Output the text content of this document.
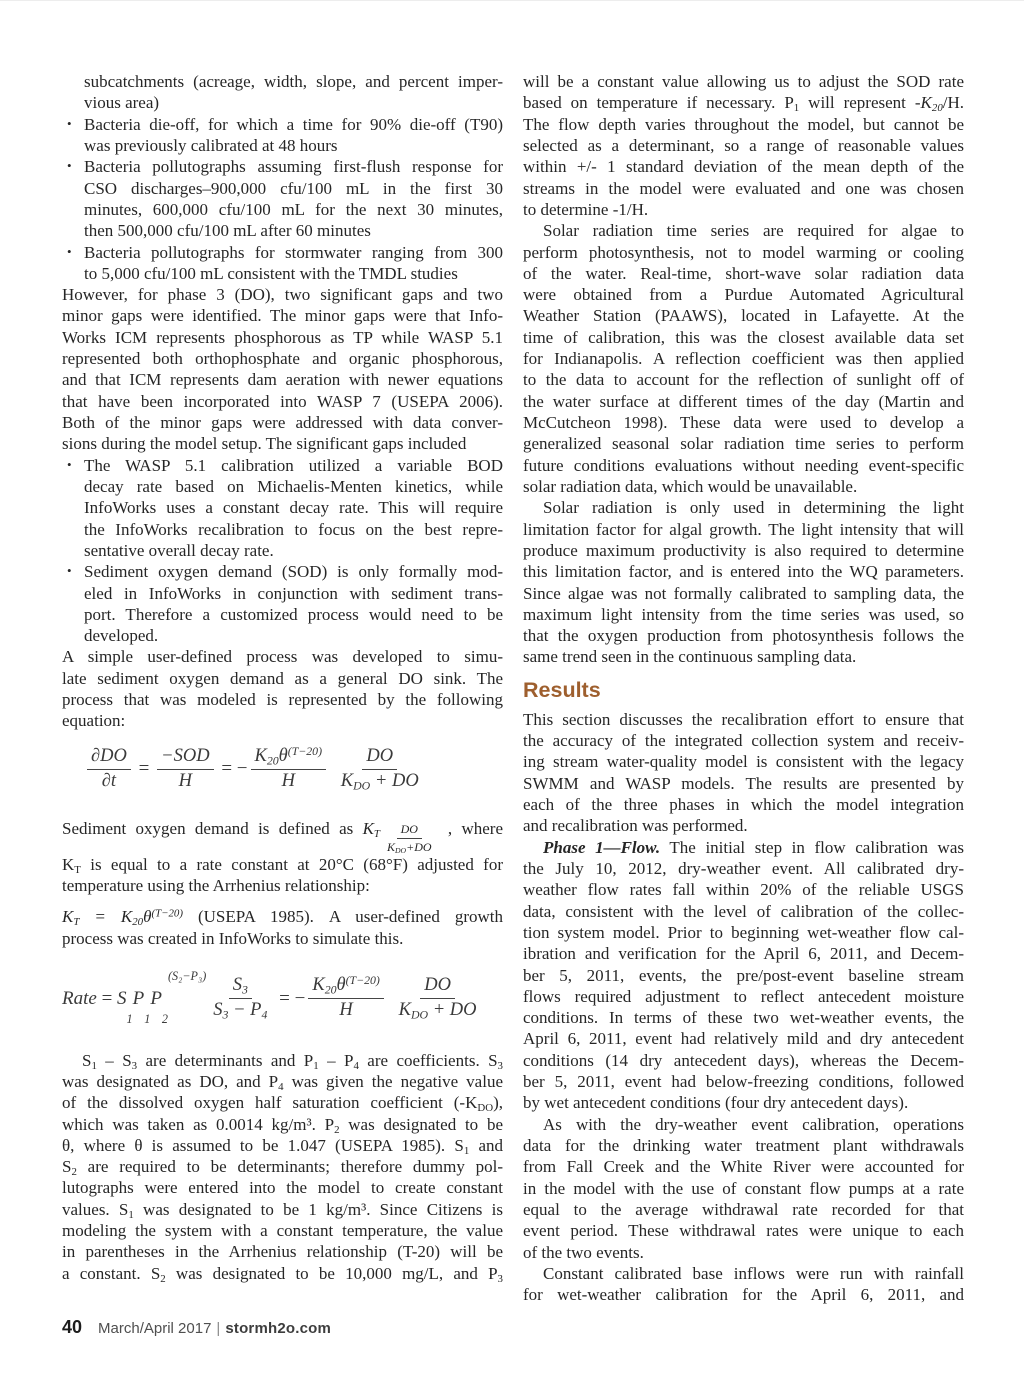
subcatchments (acreage, width, slope, and percent imper-
vious area)
• Bacteria die-off, for which a time for 90% die-off (T90)
was previously calibrated at 48 hours
• Bacteria pollutographs assuming first-flush response for
CSO discharges–900,000 cfu/100 mL in the first 30
minutes, 600,000 cfu/100 mL for the next 30 minutes,
then 500,000 cfu/100 mL after 60 minutes
• Bacteria pollutographs for stormwater ranging from 300
to 5,000 cfu/100 mL consistent with the TMDL studies
However, for phase 3 (DO), two significant gaps and two
minor gaps were identified. The minor gaps were that Info-
Works ICM represents phosphorous as TP while WASP 5.1
represented both orthophosphate and organic phosphorous,
and that ICM represents dam aeration with newer equations
that have been incorporated into WASP 7 (USEPA 2006).
Both of the minor gaps were addressed with data conver-
sions during the model setup. The significant gaps included
• The WASP 5.1 calibration utilized a variable BOD
decay rate based on Michaelis-Menten kinetics, while
InfoWorks uses a constant decay rate. This will require
the InfoWorks recalibration to focus on the best repre-
sentative overall decay rate.
• Sediment oxygen demand (SOD) is only formally mod-
eled in InfoWorks in conjunction with sediment trans-
port. Therefore a customized process would need to be
developed.
A simple user-defined process was developed to simu-
late sediment oxygen demand as a general DO sink. The
process that was modeled is represented by the following
equation:
$\frac{\partial DO}{\partial t} = \frac{\text{−SOD}}{H}$ = − $\frac{K20\theta^{(T-20)}}{H}$
$\frac{DO}{\text{KDO + DO}}$
Sediment oxygen demand is defined as KT $\frac{DO}{\text{KDO+DO}}$ , where
KT is equal to a rate constant at 20°C (68°F) adjusted for
temperature using the Arrhenius relationship:
KT = $K20\theta^{(T-20)}$ (USEPA 1985). A user-defined growth
process was created in InfoWorks to simulate this.
Rate = S
1
P
1
P
2
$(S_2-P_3) \frac{S3}{S3 - P4}$ = − $\frac{K20\theta^{(T-20)}}{H}$
$\frac{DO}{\text{KDO + DO}}$
S1 – S3 are determinants and P1 – P4 are coefficients. S3
was designated as DO, and P4 was given the negative value
of the dissolved oxygen half saturation coefficient (-KDO),
which was taken as 0.0014 kg/m³. P2 was designated to be
θ, where θ is assumed to be 1.047 (USEPA 1985). S1 and
S2 are required to be determinants; therefore dummy pol-
lutographs were entered into the model to create constant
values. S1 was designated to be 1 kg/m³. Since Citizens is
modeling the system with a constant temperature, the value
in parentheses in the Arrhenius relationship (T-20) will be
a constant. S2 was designated to be 10,000 mg/L, and P3
will be a constant value allowing us to adjust the SOD rate
based on temperature if necessary. P1 will represent -K20/H.
The flow depth varies throughout the model, but cannot be
selected as a determinant, so a range of reasonable values
within +/- 1 standard deviation of the mean depth of the
streams in the model were evaluated and one was chosen
to determine -1/H.
Solar radiation time series are required for algae to
perform photosynthesis, not to model warming or cooling
of the water. Real-time, short-wave solar radiation data
were obtained from a Purdue Automated Agricultural
Weather Station (PAAWS), located in Lafayette. At the
time of calibration, this was the closest available data set
for Indianapolis. A reflection coefficient was then applied
to the data to account for the reflection of sunlight off of
the water surface at different times of the day (Martin and
McCutcheon 1998). These data were used to develop a
generalized seasonal solar radiation time series to perform
future conditions evaluations without needing event-specific
solar radiation data, which would be unavailable.
Solar radiation is only used in determining the light
limitation factor for algal growth. The light intensity that will
produce maximum productivity is also required to determine
this limitation factor, and is entered into the WQ parameters.
Since algae was not formally calibrated to sampling data, the
maximum light intensity from the time series was used, so
that the oxygen production from photosynthesis follows the
same trend seen in the continuous sampling data.
Results
This section discusses the recalibration effort to ensure that
the accuracy of the integrated collection system and receiv-
ing stream water-quality model is consistent with the legacy
SWMM and WASP models. The results are presented by
each of the three phases in which the model integration
and recalibration was performed.
Phase 1—Flow. The initial step in flow calibration was
the July 10, 2012, dry-weather event. All calibrated dry-
weather flow rates fall within 20% of the reliable USGS
data, consistent with the level of calibration of the collec-
tion system model. Prior to beginning wet-weather flow cal-
ibration and verification for the April 6, 2011, and Decem-
ber 5, 2011, events, the pre/post-event baseline stream
flows required adjustment to reflect antecedent moisture
conditions. In terms of these two wet-weather events, the
April 6, 2011, event had relatively mild and dry antecedent
conditions (14 dry antecedent days), whereas the Decem-
ber 5, 2011, event had below-freezing conditions, followed
by wet antecedent conditions (four dry antecedent days).
As with the dry-weather event calibration, operations
data for the drinking water treatment plant withdrawals
from Fall Creek and the White River were accounted for
in the model with the use of constant flow pumps at a rate
equal to the average withdrawal rate recorded for that
event period. These withdrawal rates were unique to each
of the two events.
Constant calibrated base inflows were run with rainfall
for wet-weather calibration for the April 6, 2011, and
40 March/April 2017 | stormh2o.com
